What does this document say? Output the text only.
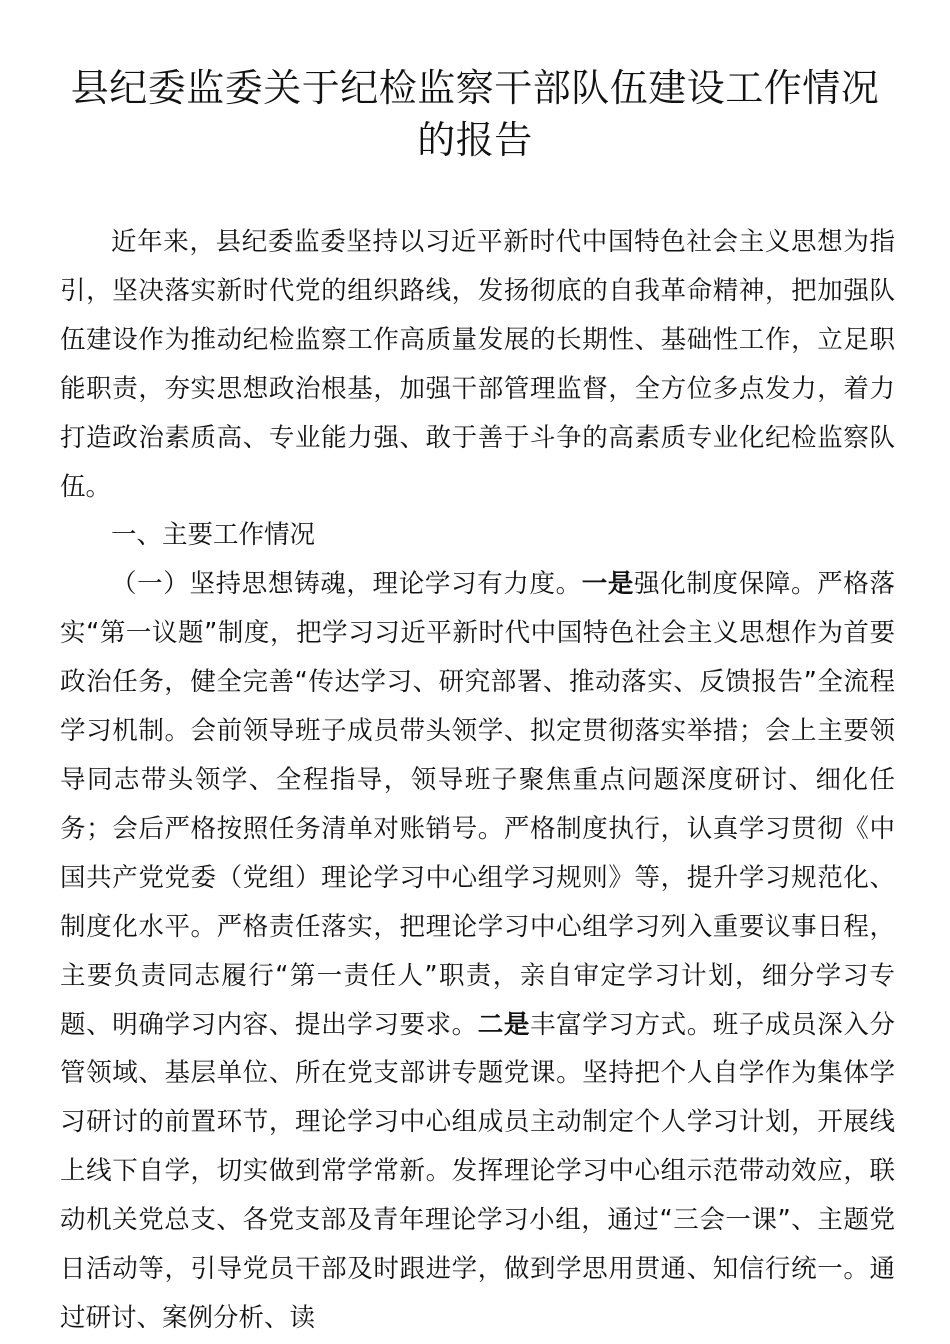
县纪委监委关于纪检监察干部队伍建设工作情况的报告

近年来，县纪委监委坚持以习近平新时代中国特色社会主义思想为指引，坚决落实新时代党的组织路线，发扬彻底的自我革命精神，把加强队伍建设作为推动纪检监察工作高质量发展的长期性、基础性工作，立足职能职责，夯实思想政治根基，加强干部管理监督，全方位多点发力，着力打造政治素质高、专业能力强、敢于善于斗争的高素质专业化纪检监察队伍。

一、主要工作情况

（一）坚持思想铸魂，理论学习有力度。一是强化制度保障。严格落实“第一议题”制度，把学习习近平新时代中国特色社会主义思想作为首要政治任务，健全完善“传达学习、研究部署、推动落实、反馈报告”全流程学习机制。会前领导班子成员带头领学、拟定贯彻落实举措；会上主要领导同志带头领学、全程指导，领导班子聚焦重点问题深度研讨、细化任务；会后严格按照任务清单对账销号。严格制度执行，认真学习贯彻《中国共产党党委（党组）理论学习中心组学习规则》等，提升学习规范化、制度化水平。严格责任落实，把理论学习中心组学习列入重要议事日程，主要负责同志履行“第一责任人”职责，亲自审定学习计划，细分学习专题、明确学习内容、提出学习要求。二是丰富学习方式。班子成员深入分管领域、基层单位、所在党支部讲专题党课。坚持把个人自学作为集体学习研讨的前置环节，理论学习中心组成员主动制定个人学习计划，开展线上线下自学，切实做到常学常新。发挥理论学习中心组示范带动效应，联动机关党总支、各党支部及青年理论学习小组，通过“三会一课”、主题党日活动等，引导党员干部及时跟进学，做到学思用贯通、知信行统一。通过研讨、案例分析、读
